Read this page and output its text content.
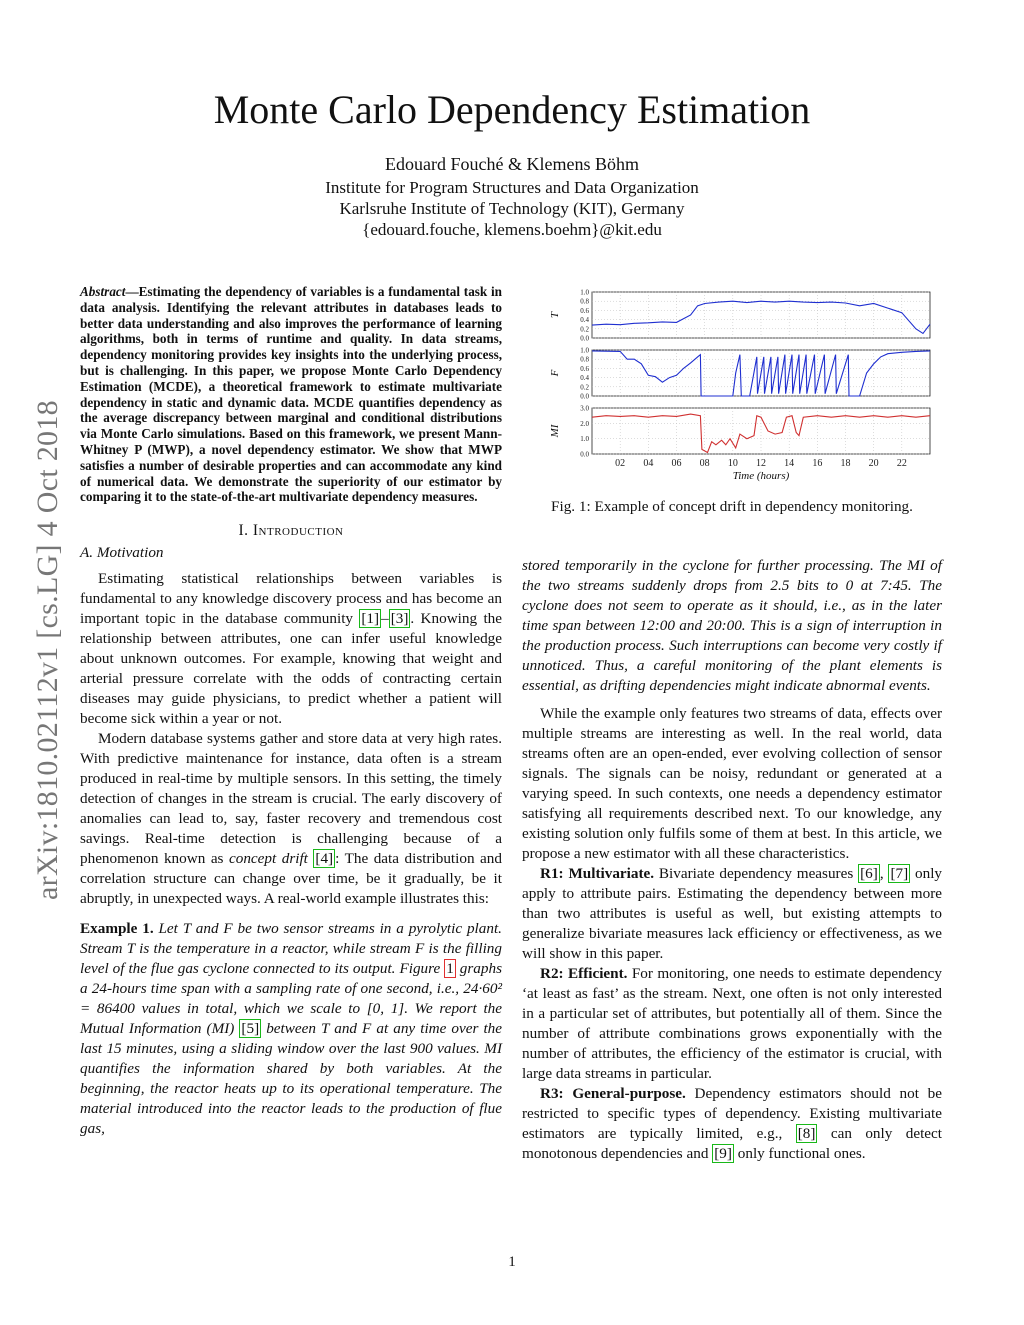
arXiv:1810.02112v1 [cs.LG] 4 Oct 2018
Monte Carlo Dependency Estimation
Edouard Fouché & Klemens Böhm
Institute for Program Structures and Data Organization
Karlsruhe Institute of Technology (KIT), Germany
{edouard.fouche, klemens.boehm}@kit.edu
Abstract—Estimating the dependency of variables is a fundamental task in data analysis. Identifying the relevant attributes in databases leads to better data understanding and also improves the performance of learning algorithms, both in terms of runtime and quality. In data streams, dependency monitoring provides key insights into the underlying process, but is challenging. In this paper, we propose Monte Carlo Dependency Estimation (MCDE), a theoretical framework to estimate multivariate dependency in static and dynamic data. MCDE quantifies dependency as the average discrepancy between marginal and conditional distributions via Monte Carlo simulations. Based on this framework, we present Mann-Whitney P (MWP), a novel dependency estimator. We show that MWP satisfies a number of desirable properties and can accommodate any kind of numerical data. We demonstrate the superiority of our estimator by comparing it to the state-of-the-art multivariate dependency measures.
I. Introduction
A. Motivation

Estimating statistical relationships between variables is fundamental to any knowledge discovery process and has become an important topic in the database community [1] – [3] . Knowing the relationship between attributes, one can infer useful knowledge about unknown outcomes. For example, knowing that weight and arterial pressure correlate with the odds of contracting certain diseases may guide physicians, to predict whether a patient will become sick within a year or not.

Modern database systems gather and store data at very high rates. With predictive maintenance for instance, data often is a stream produced in real-time by multiple sensors. In this setting, the timely detection of changes in the stream is crucial. The early discovery of anomalies can lead to, say, faster recovery and tremendous cost savings. Real-time detection is challenging because of a phenomenon known as concept drift [4] : The data distribution and correlation structure can change over time, be it gradually, be it abruptly, in unexpected ways. A real-world example illustrates this:

Example 1. Let T and F be two sensor streams in a pyrolytic plant. Stream T is the temperature in a reactor, while stream F is the filling level of the flue gas cyclone connected to its output. Figure 1 graphs a 24-hours time span with a sampling rate of one second, i.e., 24·60² = 86400 values in total, which we scale to [0, 1]. We report the Mutual Information (MI) [5] between T and F at any time over the last 15 minutes, using a sliding window over the last 900 values. MI quantifies the information shared by both variables. At the beginning, the reactor heats up to its operational temperature. The material introduced into the reactor leads to the production of flue gas,

1.0
0.8
0.6
0.4
0.2
0.0
T
1.0
0.8
0.6
0.4
0.2
0.0
F
3.0
2.0
1.0
0.0
MI
02 04 06 08 10 12 14 16 18 20 22
Time (hours)
Fig. 1: Example of concept drift in dependency monitoring.

stored temporarily in the cyclone for further processing. The MI of the two streams suddenly drops from 2.5 bits to 0 at 7:45. The cyclone does not seem to operate as it should, i.e., as in the later time span between 12:00 and 20:00. This is a sign of interruption in the production process. Such interruptions can become very costly if unnoticed. Thus, a careful monitoring of the plant elements is essential, as drifting dependencies might indicate abnormal events.

While the example only features two streams of data, effects over multiple streams are interesting as well. In the real world, data streams often are an open-ended, ever evolving collection of sensor signals. The signals can be noisy, redundant or generated at a varying speed. In such contexts, one needs a dependency estimator satisfying all requirements described next. To our knowledge, any existing solution only fulfils some of them at best. In this article, we propose a new estimator with all these characteristics.

R1: Multivariate. Bivariate dependency measures [6] , [7] only apply to attribute pairs. Estimating the dependency between more than two attributes is useful as well, but existing attempts to generalize bivariate measures lack efficiency or effectiveness, as we will show in this paper.

R2: Efficient. For monitoring, one needs to estimate dependency ‘at least as fast’ as the stream. Next, one often is not only interested in a particular set of attributes, but potentially all of them. Since the number of attribute combinations grows exponentially with the number of attributes, the efficiency of the estimator is crucial, with large data streams in particular.

R3: General-purpose. Dependency estimators should not be restricted to specific types of dependency. Existing multivariate estimators are typically limited, e.g., [8] can only detect monotonous dependencies and [9] only functional ones.

1
